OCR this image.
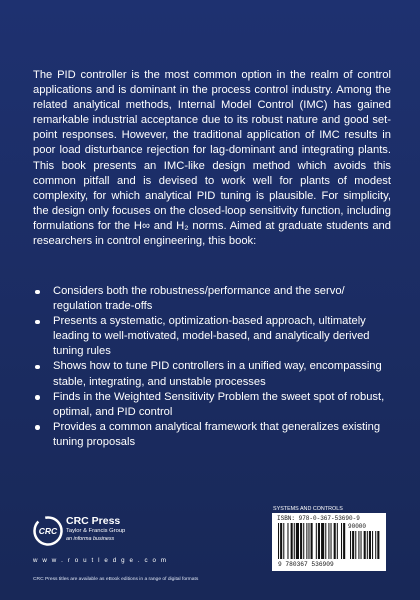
The PID controller is the most common option in the realm of control applications and is dominant in the process control industry. Among the related analytical methods, Internal Model Control (IMC) has gained remarkable industrial acceptance due to its robust nature and good set-point responses. However, the traditional application of IMC results in poor load disturbance rejection for lag-dominant and integrating plants. This book presents an IMC-like design method which avoids this common pitfall and is devised to work well for plants of modest complexity, for which analytical PID tuning is plausible. For simplicity, the design only focuses on the closed-loop sensitivity function, including formulations for the H∞ and H₂ norms. Aimed at graduate students and researchers in control engineering, this book:

Considers both the robustness/performance and the servo/ regulation trade-offs
Presents a systematic, optimization-based approach, ultimately leading to well-motivated, model-based, and analytically derived tuning rules
Shows how to tune PID controllers in a unified way, encompassing stable, integrating, and unstable processes
Finds in the Weighted Sensitivity Problem the sweet spot of robust, optimal, and PID control
Provides a common analytical framework that generalizes existing tuning proposals
CRC
CRC Press
Taylor & Francis Group
an informa business
w w w . r o u t l e d g e . c o m
CRC Press titles are available as eBook editions in a range of digital formats
SYSTEMS AND CONTROLS
ISBN: 978-0-367-53690-9
90000
9 780367 536909
